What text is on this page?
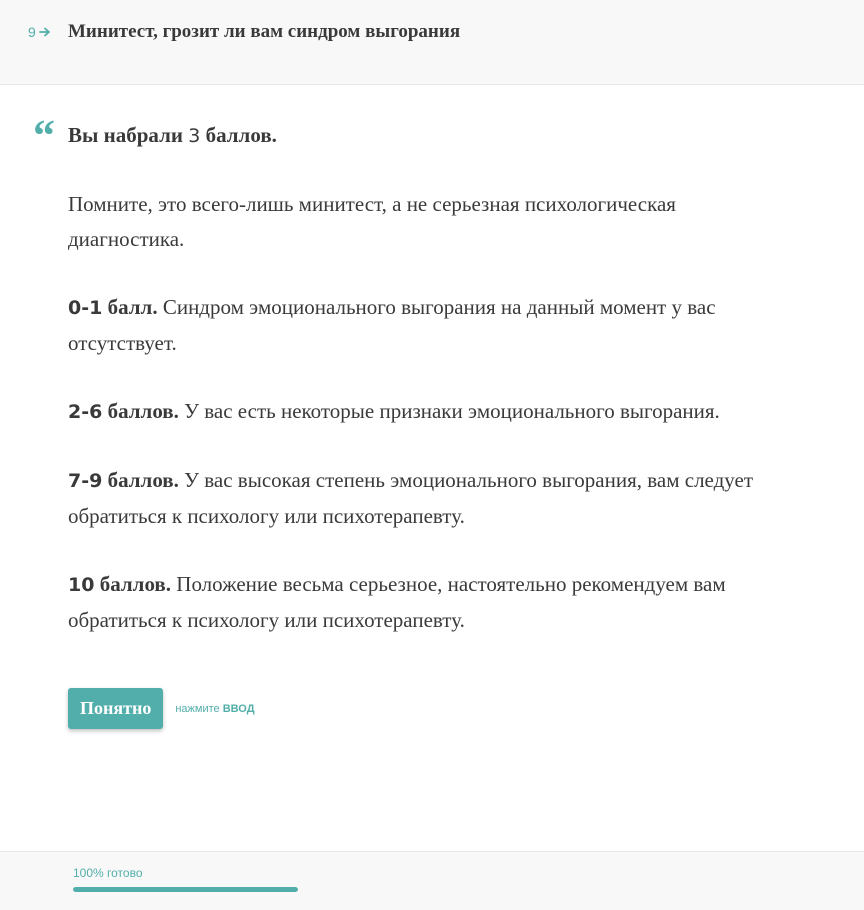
9 Минитест, грозит ли вам синдром выгорания
“ Вы набрали 3 баллов.

Помните, это всего-лишь минитест, а не серьезная психологическая диагностика.

0-1 балл. Синдром эмоционального выгорания на данный момент у вас отсутствует.

2-6 баллов. У вас есть некоторые признаки эмоционального выгорания.

7-9 баллов. У вас высокая степень эмоционального выгорания, вам следует обратиться к психологу или психотерапевту.

10 баллов. Положение весьма серьезное, настоятельно рекомендуем вам обратиться к психологу или психотерапевту.

Понятно	нажмите ВВОД
100% готово
